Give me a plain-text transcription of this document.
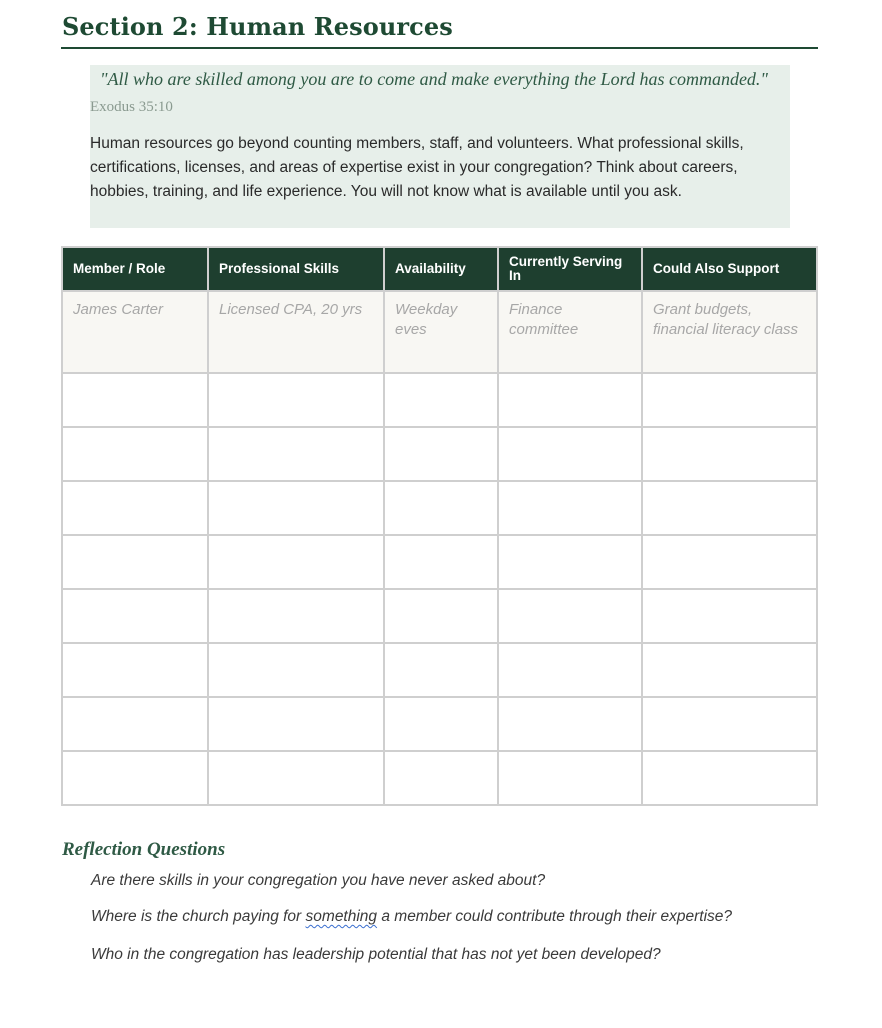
Section 2: Human Resources
"All who are skilled among you are to come and make everything the Lord has commanded." Exodus 35:10
Human resources go beyond counting members, staff, and volunteers. What professional skills, certifications, licenses, and areas of expertise exist in your congregation? Think about careers, hobbies, training, and life experience. You will not know what is available until you ask.
Member / Role	Professional Skills	Availability	Currently Serving In	Could Also Support
James Carter	Licensed CPA, 20 yrs	Weekday eves	Finance committee	Grant budgets, financial literacy class

Reflection Questions
Are there skills in your congregation you have never asked about?
Where is the church paying for something a member could contribute through their expertise?
Who in the congregation has leadership potential that has not yet been developed?
